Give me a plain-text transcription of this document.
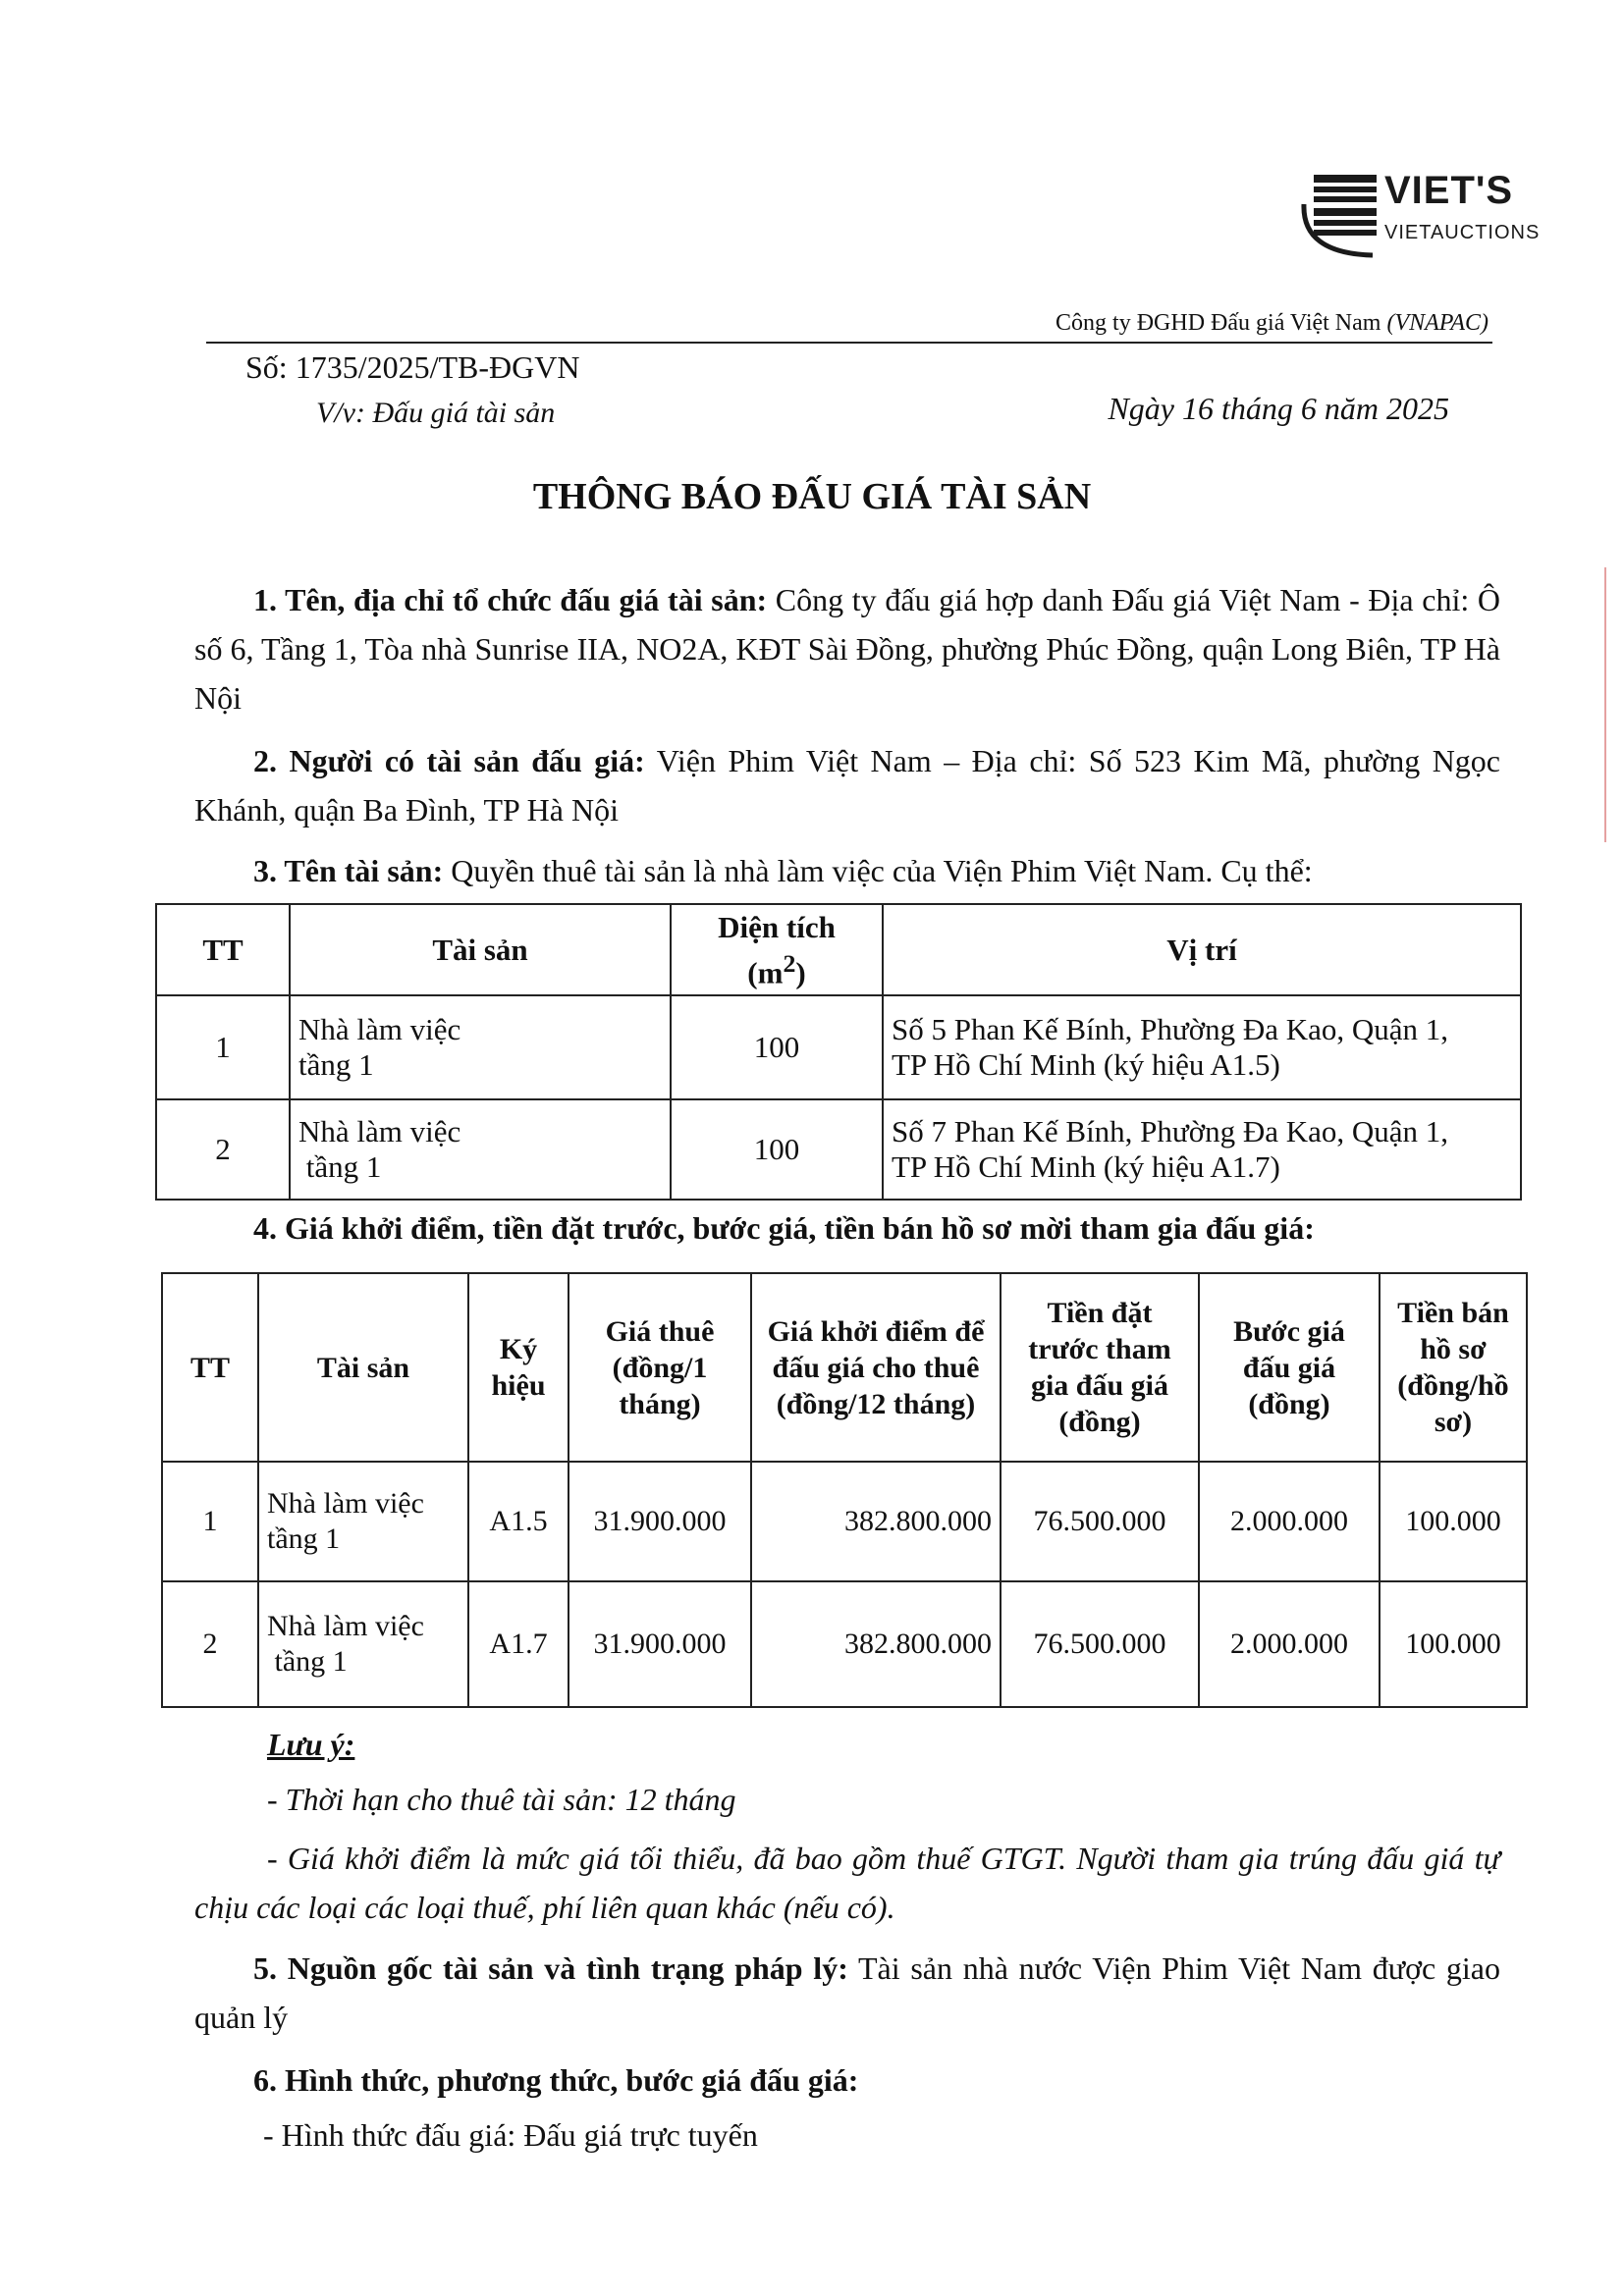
VIET'S
VIETAUCTIONS
Công ty ĐGHD Đấu giá Việt Nam (VNAPAC)
Số: 1735/2025/TB-ĐGVN
V/v: Đấu giá tài sản	Ngày 16 tháng 6 năm 2025
THÔNG BÁO ĐẤU GIÁ TÀI SẢN
1. Tên, địa chỉ tổ chức đấu giá tài sản: Công ty đấu giá hợp danh Đấu giá Việt Nam - Địa chỉ: Ô số 6, Tầng 1, Tòa nhà Sunrise IIA, NO2A, KĐT Sài Đồng, phường Phúc Đồng, quận Long Biên, TP Hà Nội
2. Người có tài sản đấu giá: Viện Phim Việt Nam – Địa chỉ: Số 523 Kim Mã, phường Ngọc Khánh, quận Ba Đình, TP Hà Nội
3. Tên tài sản: Quyền thuê tài sản là nhà làm việc của Viện Phim Việt Nam. Cụ thể:
TT	Tài sản	Diện tích
$(m^2)$	Vị trí
1	Nhà làm việc
tầng 1	100	Số 5 Phan Kế Bính, Phường Đa Kao, Quận 1,
TP Hồ Chí Minh (ký hiệu A1.5)
2	Nhà làm việc
tầng 1	100	Số 7 Phan Kế Bính, Phường Đa Kao, Quận 1,
TP Hồ Chí Minh (ký hiệu A1.7)
4. Giá khởi điểm, tiền đặt trước, bước giá, tiền bán hồ sơ mời tham gia đấu giá:
TT	Tài sản	Ký hiệu	Giá thuê (đồng/1 tháng)	Giá khởi điểm để đấu giá cho thuê (đồng/12 tháng)	Tiền đặt trước tham gia đấu giá (đồng)	Bước giá đấu giá (đồng)	Tiền bán hồ sơ (đồng/hồ sơ)
1	Nhà làm việc
tầng 1	A1.5	31.900.000	382.800.000	76.500.000	2.000.000	100.000
2	Nhà làm việc
tầng 1	A1.7	31.900.000	382.800.000	76.500.000	2.000.000	100.000
Lưu ý:
- Thời hạn cho thuê tài sản: 12 tháng
- Giá khởi điểm là mức giá tối thiểu, đã bao gồm thuế GTGT. Người tham gia trúng đấu giá tự chịu các loại các loại thuế, phí liên quan khác (nếu có).
5. Nguồn gốc tài sản và tình trạng pháp lý: Tài sản nhà nước Viện Phim Việt Nam được giao quản lý
6. Hình thức, phương thức, bước giá đấu giá:
- Hình thức đấu giá: Đấu giá trực tuyến
